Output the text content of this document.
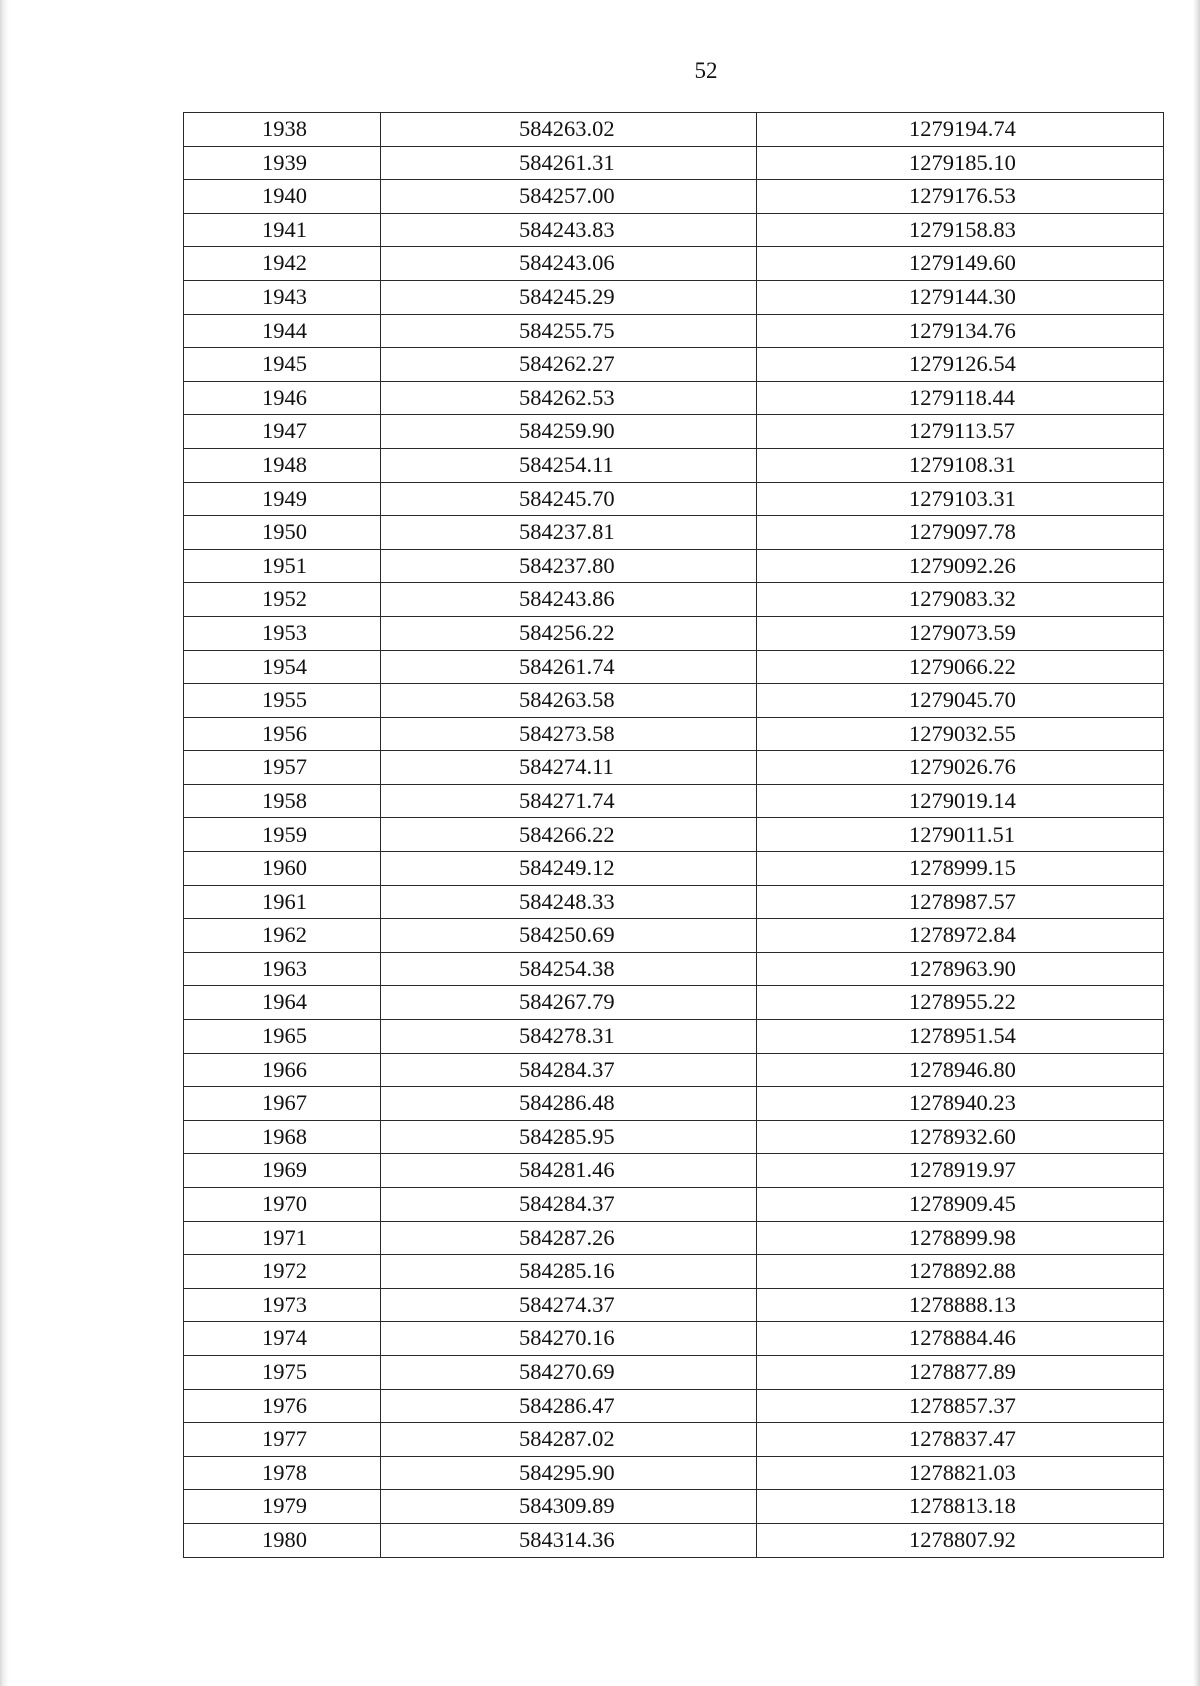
52
1938	584263.02	1279194.74
1939	584261.31	1279185.10
1940	584257.00	1279176.53
1941	584243.83	1279158.83
1942	584243.06	1279149.60
1943	584245.29	1279144.30
1944	584255.75	1279134.76
1945	584262.27	1279126.54
1946	584262.53	1279118.44
1947	584259.90	1279113.57
1948	584254.11	1279108.31
1949	584245.70	1279103.31
1950	584237.81	1279097.78
1951	584237.80	1279092.26
1952	584243.86	1279083.32
1953	584256.22	1279073.59
1954	584261.74	1279066.22
1955	584263.58	1279045.70
1956	584273.58	1279032.55
1957	584274.11	1279026.76
1958	584271.74	1279019.14
1959	584266.22	1279011.51
1960	584249.12	1278999.15
1961	584248.33	1278987.57
1962	584250.69	1278972.84
1963	584254.38	1278963.90
1964	584267.79	1278955.22
1965	584278.31	1278951.54
1966	584284.37	1278946.80
1967	584286.48	1278940.23
1968	584285.95	1278932.60
1969	584281.46	1278919.97
1970	584284.37	1278909.45
1971	584287.26	1278899.98
1972	584285.16	1278892.88
1973	584274.37	1278888.13
1974	584270.16	1278884.46
1975	584270.69	1278877.89
1976	584286.47	1278857.37
1977	584287.02	1278837.47
1978	584295.90	1278821.03
1979	584309.89	1278813.18
1980	584314.36	1278807.92
